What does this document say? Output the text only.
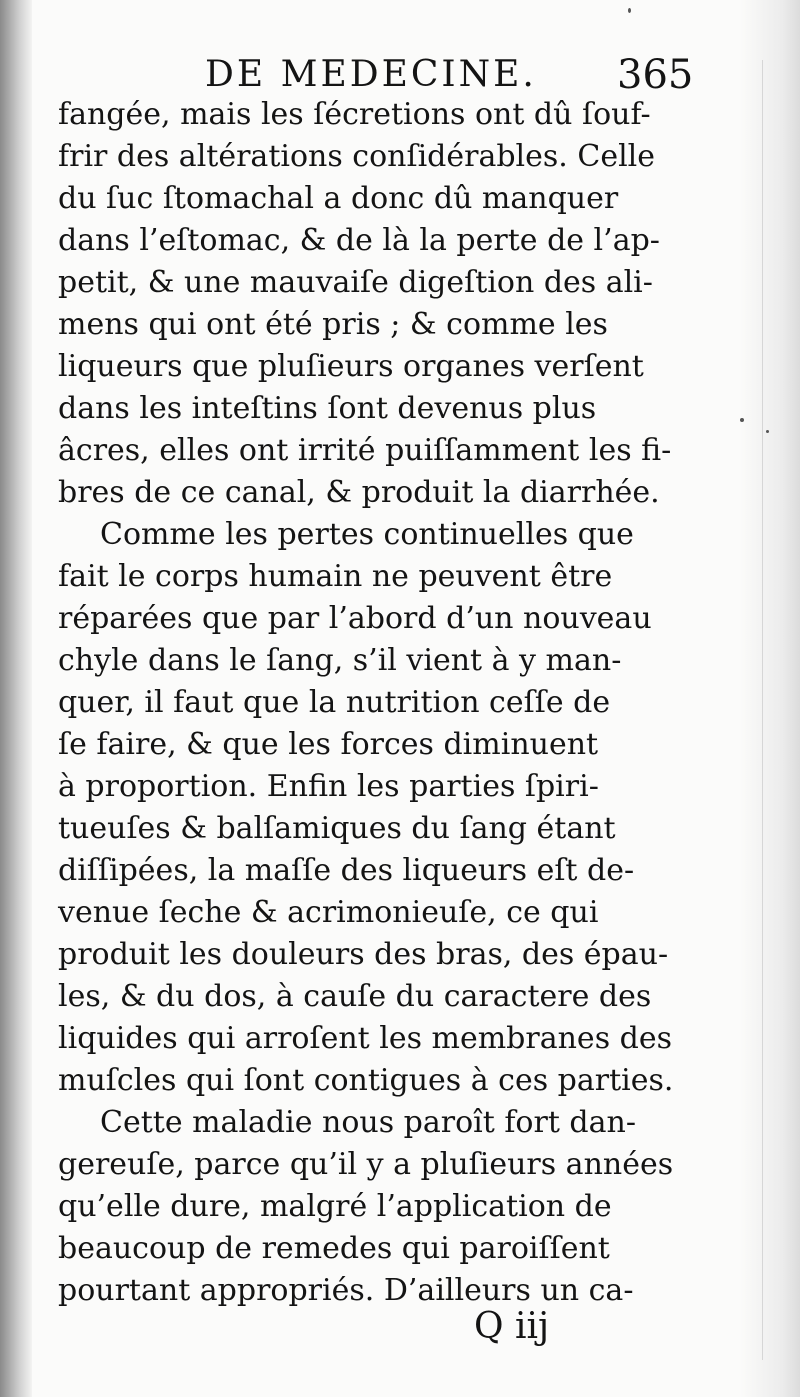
DE MEDECINE. 365
fangée, mais les ſécretions ont dû ſouf-
frir des altérations conſidérables. Celle
du ſuc ſtomachal a donc dû manquer
dans l’eſtomac, & de là la perte de l’ap-
petit, & une mauvaiſe digeſtion des ali-
mens qui ont été pris ; & comme les
liqueurs que pluſieurs organes verſent
dans les inteſtins ſont devenus plus
âcres, elles ont irrité puiſſamment les fi-
bres de ce canal, & produit la diarrhée.
Comme les pertes continuelles que
fait le corps humain ne peuvent être
réparées que par l’abord d’un nouveau
chyle dans le ſang, s’il vient à y man-
quer, il faut que la nutrition ceſſe de
ſe faire, & que les forces diminuent
à proportion. Enfin les parties ſpiri-
tueuſes & balſamiques du ſang étant
diſſipées, la maſſe des liqueurs eſt de-
venue ſeche & acrimonieuſe, ce qui
produit les douleurs des bras, des épau-
les, & du dos, à cauſe du caractere des
liquides qui arroſent les membranes des
muſcles qui ſont contigues à ces parties.
Cette maladie nous paroît fort dan-
gereuſe, parce qu’il y a pluſieurs années
qu’elle dure, malgré l’application de
beaucoup de remedes qui paroiſſent
pourtant appropriés. D’ailleurs un ca-
Q iij
